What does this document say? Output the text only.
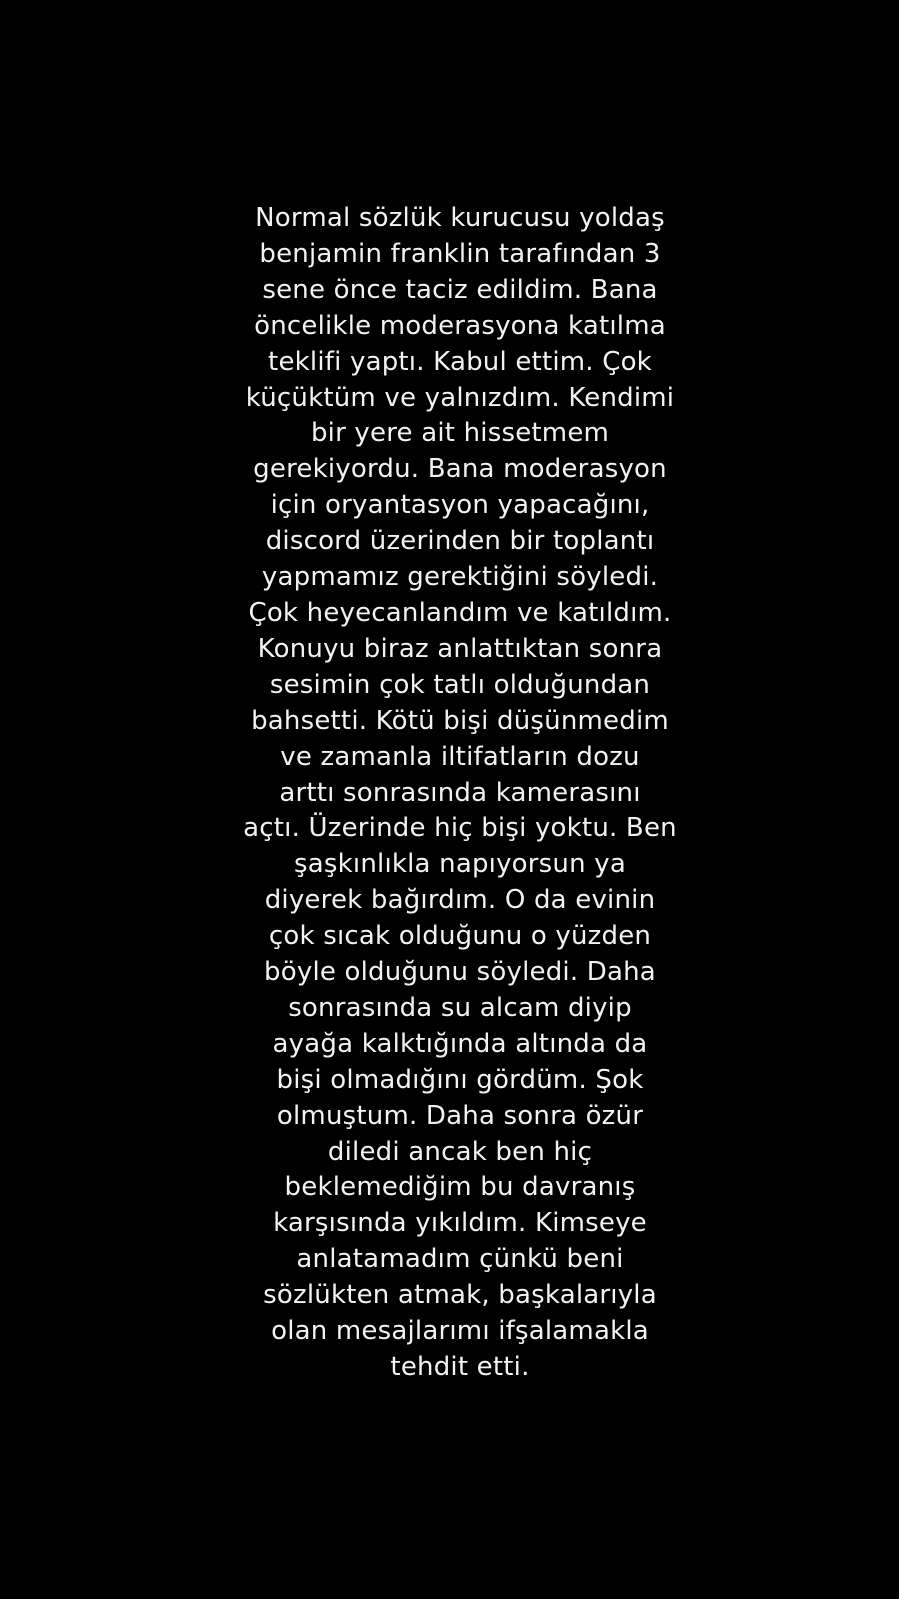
Normal sözlük kurucusu yoldaş
benjamin franklin tarafından 3
sene önce taciz edildim. Bana
öncelikle moderasyona katılma
teklifi yaptı. Kabul ettim. Çok
küçüktüm ve yalnızdım. Kendimi
bir yere ait hissetmem
gerekiyordu. Bana moderasyon
için oryantasyon yapacağını,
discord üzerinden bir toplantı
yapmamız gerektiğini söyledi.
Çok heyecanlandım ve katıldım.
Konuyu biraz anlattıktan sonra
sesimin çok tatlı olduğundan
bahsetti. Kötü bişi düşünmedim
ve zamanla iltifatların dozu
arttı sonrasında kamerasını
açtı. Üzerinde hiç bişi yoktu. Ben
şaşkınlıkla napıyorsun ya
diyerek bağırdım. O da evinin
çok sıcak olduğunu o yüzden
böyle olduğunu söyledi. Daha
sonrasında su alcam diyip
ayağa kalktığında altında da
bişi olmadığını gördüm. Şok
olmuştum. Daha sonra özür
diledi ancak ben hiç
beklemediğim bu davranış
karşısında yıkıldım. Kimseye
anlatamadım çünkü beni
sözlükten atmak, başkalarıyla
olan mesajlarımı ifşalamakla
tehdit etti.
